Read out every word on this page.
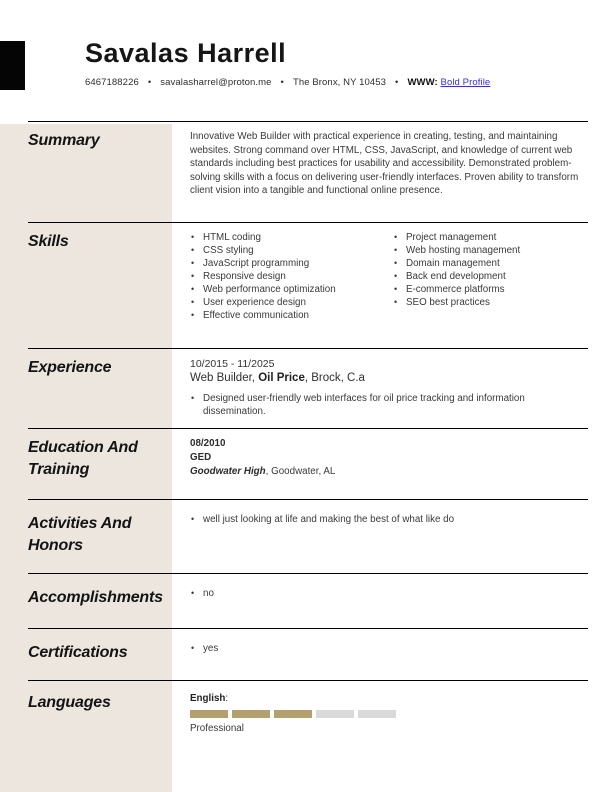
Savalas Harrell
6467188226 • savalasharrel@proton.me • The Bronx, NY 10453 • WWW: Bold Profile
Summary	Innovative Web Builder with practical experience in creating, testing, and maintaining websites. Strong command over HTML, CSS, JavaScript, and knowledge of current web standards including best practices for usability and accessibility. Demonstrated problem-solving skills with a focus on delivering user-friendly interfaces. Proven ability to transform client vision into a tangible and functional online presence.
Skills	• HTML coding
• CSS styling
• JavaScript programming
• Responsive design
• Web performance optimization
• User experience design
• Effective communication
• Project management
• Web hosting management
• Domain management
• Back end development
• E-commerce platforms
• SEO best practices
Experience	10/2015 - 11/2025
Web Builder, Oil Price, Brock, C.a
• Designed user-friendly web interfaces for oil price tracking and information dissemination.
Education And Training
08/2010
GED
Goodwater High, Goodwater, AL
Activities And Honors
• well just looking at life and making the best of what like do
Accomplishments	• no
Certifications	• yes
Languages	English:
Professional
